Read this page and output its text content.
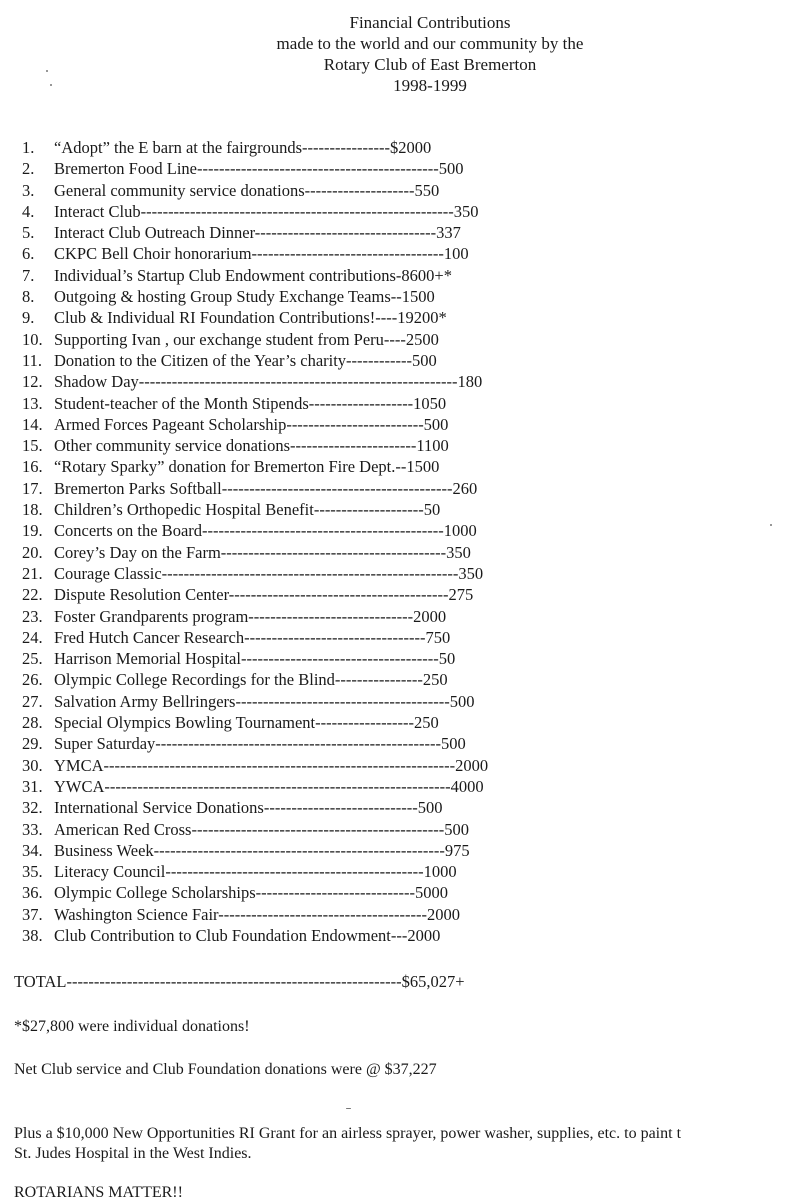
Financial Contributions
made to the world and our community by the
Rotary Club of East Bremerton
1998-1999
1. “Adopt” the E barn at the fairgrounds----------------$2000
2. Bremerton Food Line--------------------------------------------500
3. General community service donations--------------------550
4. Interact Club---------------------------------------------------------350
5. Interact Club Outreach Dinner---------------------------------337
6. CKPC Bell Choir honorarium-----------------------------------100
7. Individual’s Startup Club Endowment contributions-8600+*
8. Outgoing & hosting Group Study Exchange Teams--1500
9. Club & Individual RI Foundation Contributions!----19200*
10. Supporting Ivan , our exchange student from Peru----2500
11. Donation to the Citizen of the Year’s charity------------500
12. Shadow Day----------------------------------------------------------180
13. Student-teacher of the Month Stipends-------------------1050
14. Armed Forces Pageant Scholarship-------------------------500
15. Other community service donations-----------------------1100
16. “Rotary Sparky” donation for Bremerton Fire Dept.--1500
17. Bremerton Parks Softball------------------------------------------260
18. Children’s Orthopedic Hospital Benefit--------------------50
19. Concerts on the Board--------------------------------------------1000
20. Corey’s Day on the Farm-----------------------------------------350
21. Courage Classic------------------------------------------------------350
22. Dispute Resolution Center----------------------------------------275
23. Foster Grandparents program------------------------------2000
24. Fred Hutch Cancer Research---------------------------------750
25. Harrison Memorial Hospital------------------------------------50
26. Olympic College Recordings for the Blind----------------250
27. Salvation Army Bellringers---------------------------------------500
28. Special Olympics Bowling Tournament------------------250
29. Super Saturday----------------------------------------------------500
30. YMCA----------------------------------------------------------------2000
31. YWCA---------------------------------------------------------------4000
32. International Service Donations----------------------------500
33. American Red Cross----------------------------------------------500
34. Business Week-----------------------------------------------------975
35. Literacy Council-----------------------------------------------1000
36. Olympic College Scholarships-----------------------------5000
37. Washington Science Fair--------------------------------------2000
38. Club Contribution to Club Foundation Endowment---2000
TOTAL-------------------------------------------------------------$65,027+
*$27,800 were individual donations!
Net Club service and Club Foundation donations were @ $37,227
Plus a $10,000 New Opportunities RI Grant for an airless sprayer, power washer, supplies, etc. to paint t
St. Judes Hospital in the West Indies.
ROTARIANS MATTER!!
